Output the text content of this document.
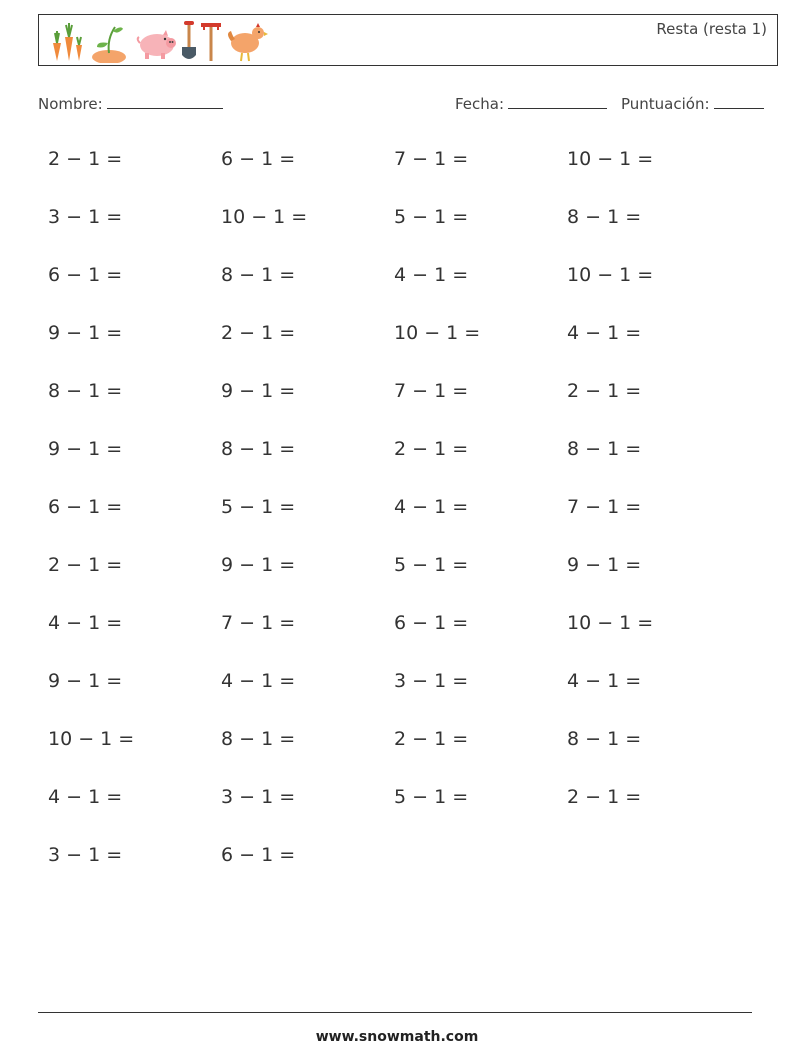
Resta (resta 1)
Nombre:	Fecha:	Puntuación:
2 − 1 =	6 − 1 =	7 − 1 =	10 − 1 =
3 − 1 =	10 − 1 =	5 − 1 =	8 − 1 =
6 − 1 =	8 − 1 =	4 − 1 =	10 − 1 =
9 − 1 =	2 − 1 =	10 − 1 =	4 − 1 =
8 − 1 =	9 − 1 =	7 − 1 =	2 − 1 =
9 − 1 =	8 − 1 =	2 − 1 =	8 − 1 =
6 − 1 =	5 − 1 =	4 − 1 =	7 − 1 =
2 − 1 =	9 − 1 =	5 − 1 =	9 − 1 =
4 − 1 =	7 − 1 =	6 − 1 =	10 − 1 =
9 − 1 =	4 − 1 =	3 − 1 =	4 − 1 =
10 − 1 =	8 − 1 =	2 − 1 =	8 − 1 =
4 − 1 =	3 − 1 =	5 − 1 =	2 − 1 =
3 − 1 =	6 − 1 =
www.snowmath.com
